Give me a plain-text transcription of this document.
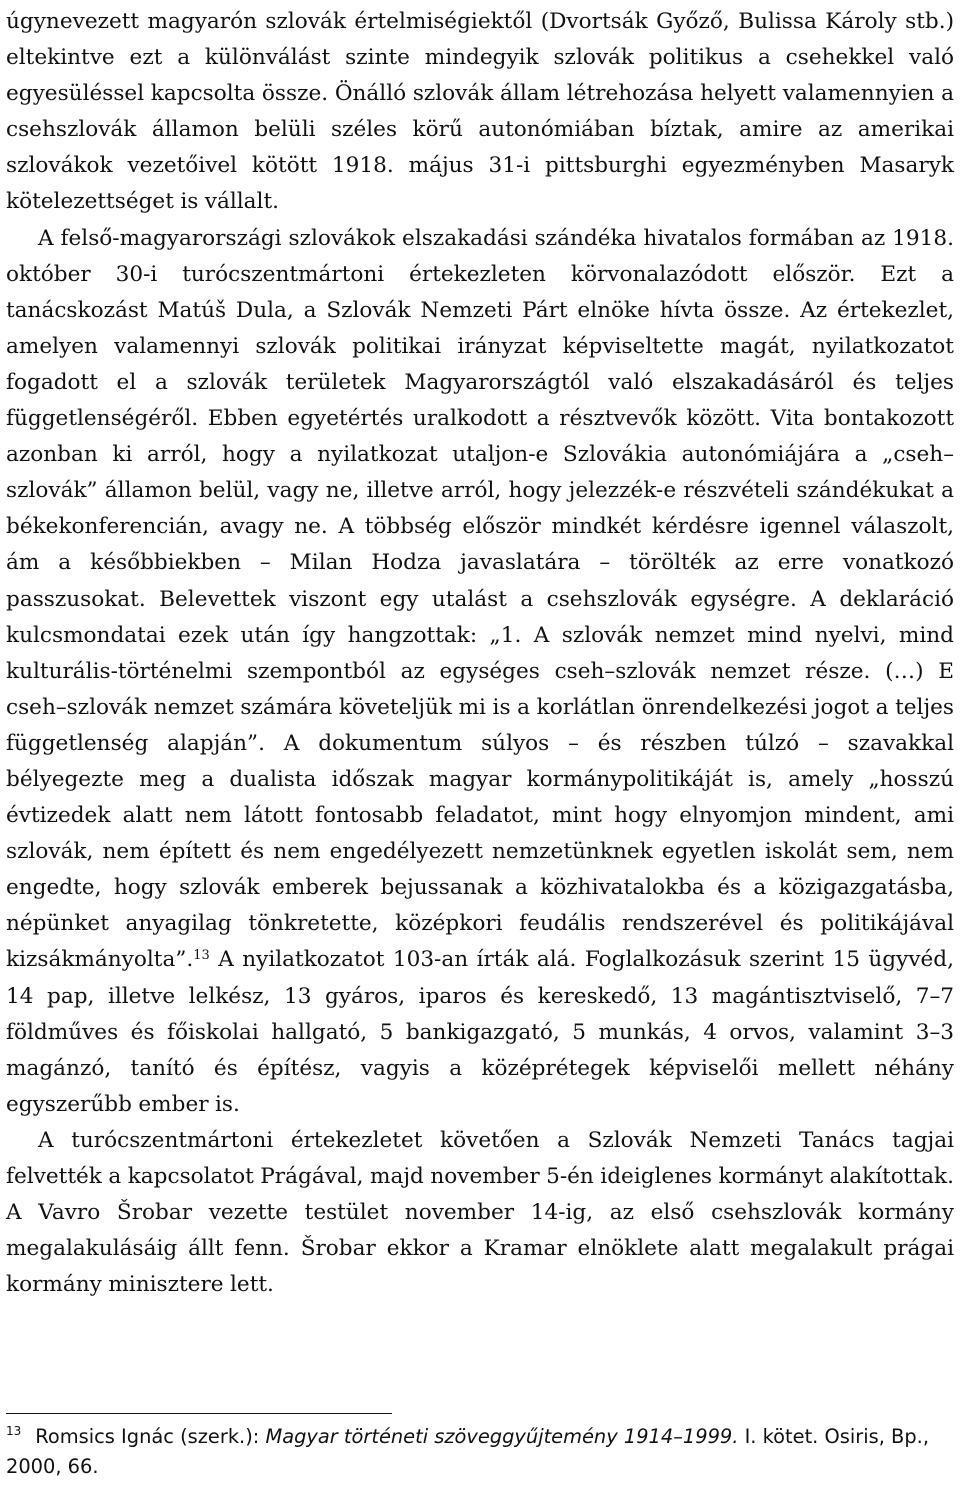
úgynevezett magyarón szlovák értelmiségiektől (Dvortsák Győző, Bulissa Károly stb.) eltekintve ezt a különválást szinte mindegyik szlovák politikus a csehekkel való egyesüléssel kapcsolta össze. Önálló szlovák állam létrehozása helyett valamennyien a csehszlovák államon belüli széles körű autonómiában bíztak, amire az amerikai szlovákok vezetőivel kötött 1918. május 31-i pittsburghi egyezményben Masaryk kötelezettséget is vállalt.

A felső-magyarországi szlovákok elszakadási szándéka hivatalos formában az 1918. október 30-i turócszentmártoni értekezleten körvonalazódott először. Ezt a tanácskozást Matúš Dula, a Szlovák Nemzeti Párt elnöke hívta össze. Az értekezlet, amelyen valamennyi szlovák politikai irányzat képviseltette magát, nyilatkozatot fogadott el a szlovák területek Magyarországtól való elszakadásáról és teljes függetlenségéről. Ebben egyetértés uralkodott a résztvevők között. Vita bontakozott azonban ki arról, hogy a nyilatkozat utaljon-e Szlovákia autonómiájára a „cseh–szlovák” államon belül, vagy ne, illetve arról, hogy jelezzék-e részvételi szándékukat a békekonferencián, avagy ne. A többség először mindkét kérdésre igennel válaszolt, ám a későbbiekben – Milan Hodza javaslatára – törölték az erre vonatkozó passzusokat. Belevettek viszont egy utalást a csehszlovák egységre. A deklaráció kulcsmondatai ezek után így hangzottak: „1. A szlovák nemzet mind nyelvi, mind kulturális-történelmi szempontból az egységes cseh–szlovák nemzet része. (…) E cseh–szlovák nemzet számára követeljük mi is a korlátlan önrendelkezési jogot a teljes függetlenség alapján”. A dokumentum súlyos – és részben túlzó – szavakkal bélyegezte meg a dualista időszak magyar kormánypolitikáját is, amely „hosszú évtizedek alatt nem látott fontosabb feladatot, mint hogy elnyomjon mindent, ami szlovák, nem épített és nem engedélyezett nemzetünknek egyetlen iskolát sem, nem engedte, hogy szlovák emberek bejussanak a közhivatalokba és a közigazgatásba, népünket anyagilag tönkretette, középkori feudális rendszerével és politikájával kizsákmányolta”.$^{13}$ A nyilatkozatot 103-an írták alá. Foglalkozásuk szerint 15 ügyvéd, 14 pap, illetve lelkész, 13 gyáros, iparos és kereskedő, 13 magántisztviselő, 7–7 földműves és főiskolai hallgató, 5 bankigazgató, 5 munkás, 4 orvos, valamint 3–3 magánzó, tanító és építész, vagyis a középrétegek képviselői mellett néhány egyszerűbb ember is.

A turócszentmártoni értekezletet követően a Szlovák Nemzeti Tanács tagjai felvették a kapcsolatot Prágával, majd november 5-én ideiglenes kormányt alakítottak. A Vavro Šrobar vezette testület november 14-ig, az első csehszlovák kormány megalakulásáig állt fenn. Šrobar ekkor a Kramar elnöklete alatt megalakult prágai kormány minisztere lett.

$^{13}$ Romsics Ignác (szerk.): Magyar történeti szöveggyűjtemény 1914–1999. I. kötet. Osiris, Bp., 2000, 66.
